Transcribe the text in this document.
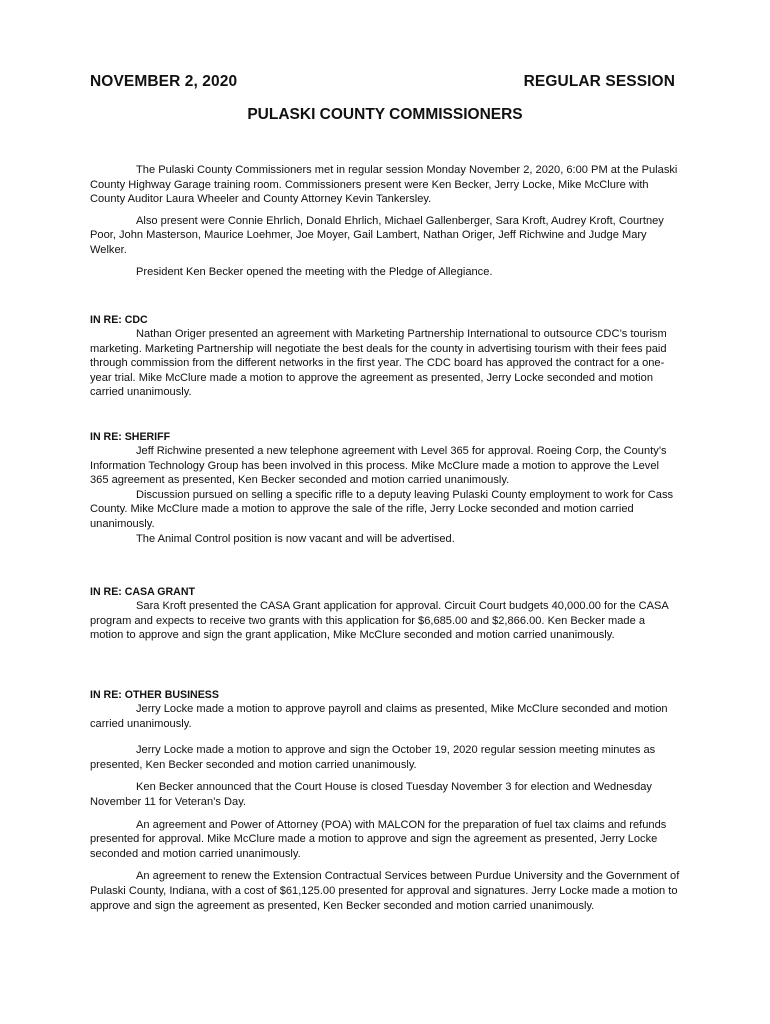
NOVEMBER 2, 2020	REGULAR SESSION
PULASKI COUNTY COMMISSIONERS

The Pulaski County Commissioners met in regular session Monday November 2, 2020, 6:00 PM at the Pulaski County Highway Garage training room. Commissioners present were Ken Becker, Jerry Locke, Mike McClure with County Auditor Laura Wheeler and County Attorney Kevin Tankersley.

Also present were Connie Ehrlich, Donald Ehrlich, Michael Gallenberger, Sara Kroft, Audrey Kroft, Courtney Poor, John Masterson, Maurice Loehmer, Joe Moyer, Gail Lambert, Nathan Origer, Jeff Richwine and Judge Mary Welker.

President Ken Becker opened the meeting with the Pledge of Allegiance.

IN RE: CDC

Nathan Origer presented an agreement with Marketing Partnership International to outsource CDC’s tourism marketing. Marketing Partnership will negotiate the best deals for the county in advertising tourism with their fees paid through commission from the different networks in the first year. The CDC board has approved the contract for a one-year trial. Mike McClure made a motion to approve the agreement as presented, Jerry Locke seconded and motion carried unanimously.

IN RE: SHERIFF

Jeff Richwine presented a new telephone agreement with Level 365 for approval. Roeing Corp, the County’s Information Technology Group has been involved in this process. Mike McClure made a motion to approve the Level 365 agreement as presented, Ken Becker seconded and motion carried unanimously.

Discussion pursued on selling a specific rifle to a deputy leaving Pulaski County employment to work for Cass County. Mike McClure made a motion to approve the sale of the rifle, Jerry Locke seconded and motion carried unanimously.

The Animal Control position is now vacant and will be advertised.

IN RE: CASA GRANT

Sara Kroft presented the CASA Grant application for approval. Circuit Court budgets 40,000.00 for the CASA program and expects to receive two grants with this application for $6,685.00 and $2,866.00. Ken Becker made a motion to approve and sign the grant application, Mike McClure seconded and motion carried unanimously.

IN RE: OTHER BUSINESS

Jerry Locke made a motion to approve payroll and claims as presented, Mike McClure seconded and motion carried unanimously.

Jerry Locke made a motion to approve and sign the October 19, 2020 regular session meeting minutes as presented, Ken Becker seconded and motion carried unanimously.

Ken Becker announced that the Court House is closed Tuesday November 3 for election and Wednesday November 11 for Veteran’s Day.

An agreement and Power of Attorney (POA) with MALCON for the preparation of fuel tax claims and refunds presented for approval. Mike McClure made a motion to approve and sign the agreement as presented, Jerry Locke seconded and motion carried unanimously.

An agreement to renew the Extension Contractual Services between Purdue University and the Government of Pulaski County, Indiana, with a cost of $61,125.00 presented for approval and signatures. Jerry Locke made a motion to approve and sign the agreement as presented, Ken Becker seconded and motion carried unanimously.
